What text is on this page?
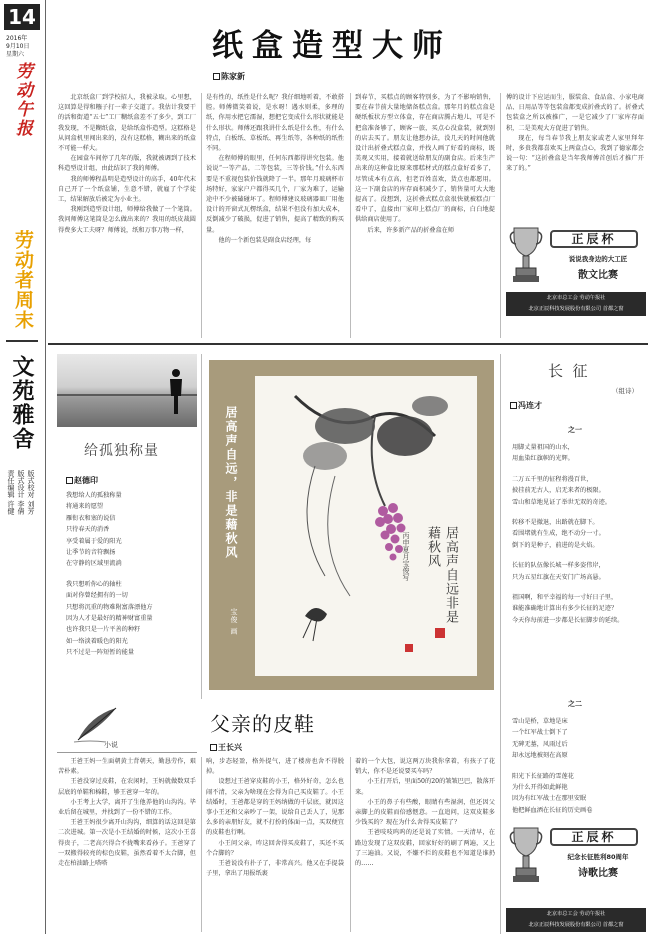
14
2016年
9月10日
星期六
劳动午报
劳动者周末
文苑雅舍
版式校对 刘芳
版式设计 李倩
责任编辑 许健
纸盒造型大师
陈家新

北京纸盒厂到学校招人，我被录取。心里想，这回算是得和糨子打一辈子交道了。我估计我要干的活和街道“五七”工厂糊纸盒差不了多少，到工厂我发现，不是糊纸盒，是给纸盒作造型。这糕格是从问盒机里闯出来的，没有这糕格，糊出来的纸盒不可能一样大。

在园盒车间停了几年的版，我就被调到了技术科造型设计组，由此结识了我的师傅。

我的师傅程晶明是造型设计的高手，40年代末自己开了一个纸盒铺，生意不错，就雇了个学徒工，结果解放后被定为小业主。

我刚到造型设计组，师傅给我做了一个笔筒。我问师傅这笔筒是怎么做出来的？我用的纸皮裁圆得费多大工夫呀？师傅说，纸和万事万物一样，

是有性的，纸性是什么呢？我仔细地听着，不敢搭腔。师傅微笑着说，是水呀！遇水则柔，多理的纸，你用水把它濡湿，想把它变成什么形状就能是什么形状。师傅还跟我讲什么纸是什么性，有什么特点，白板纸、草板纸、再生纸等，各种纸的纸性不同。

在程师傅的眼里，任何东西都得讲究包装。他说说“一等产品，二等包装，三等价钱。”什么东西要是不重视包装价钱就降了一半。那年月玻璃杯市场特好，家家户户都得买几个，厂家为难了，运输途中不少被磕碰坏了。程师傅建议玻璃器皿厂用他设计的开窗式瓦楞纸盒，结果不但没有加大成本，反倒减少了破损，促进了销售，提高了精致的购买量。

他的一个新包装是副食店经理，每

到春节，买糕点的顾客特别多，为了不影响销售，要在春节前大量地储备糕点盒。那年月的糕点盒是硬纸板状方型立体盒，存在商店腾占地儿，可是不把盒准备够了，顾客一旅，买点心没盒装，就到别的店去买了。朋友让他想办法，没几天的时间他就设计出折叠式糕点盒，并找人画了好看的商标，既美观又实用，接着就送给朋友的副食店。后来生产出来的这种盒比原来那糕材式的糕点盒好看多了，尽管成本有点高，但老百姓喜欢，货点也都愿用。这一下副食店的库存面积减少了，销售量可大大地提高了。没想到，这折叠式糕点盒很快就被糕点厂看中了，直接由厂家印上糕点厂的商标，白白地提供给商店使用了。

后来，许多新产品的折叠盒在师

傅的设计下应运而生，服装盒、食品盒、小家电商品、日用品等等包装盒都变成折叠式的了。折叠式包装盒之所以被推广，一是它减少了厂家库存面积，二是美观大方促进了销售。

现在，每当春节我上朋友家或老人家里拜年时，多贵我都喜欢买上两盒点心，我到了德家都会说一句：“这折叠盒是当年我师傅首创后才推广开来了的。”

正辰杯
说说我身边的大工匠
散文比赛
北京市总工会 劳动午报社
北京正辰科技发展股份有限公司 首都之窗
给孤独称量
赵德印
我想给人的孤独称量
将通来的愿望
雁衔衣和塞的说信
只待春天的消香
享受着属于爱的阳光
让季节的音符飘扬
在守静的区域里流淌
我只想听你心的轴柱
面对你曾经拥有的一切
只想将沉重的物难附富落漂他方
因为人才是最好的精神财富重量
也许我只是一片平善的种籽
如一络淡着暖色的阳光
只不过是一阵短暂的能量
居高声自远，非是藉秋风
宝俊 画	居高声自远非是藉秋风
丙申夏月宝俊写
长  征
（组诗）
冯连才
之一
用脚丈量祖国的山水，
用血染红旗帜的光辉。
二万五千里的征程将漫百世，
披挂前无古人，启无来者的极限。
雪山和草地见证了举世无双的奇迹。
转移不是撤退，出路就在脚下。
看围堵就有生成，绝不动分一寸。
倒下的是种子，前进的是火焰。
长征的队伍像长城一样多姿伟岸，
只为五星红旗在天安门广场高悬。
祖国啊，和平幸福的每一寸好日子里，
谁能准确地计算出有多少长征的足迹？
今天你每前进一步都是长征脚步的延续。
之二
雪山是桥，草地是床
一个红军战士倒下了
无碑无墓，风雨过后
却永远地被刻在高原
阳光下长征路的雪莲花
为什么开得如此鲜艳
因为有红军战士在那里安眠
他把鲜血洒在长征的历史画卷
父亲的皮鞋
王长兴
小说

王爸王妈一生面朝黄土背朝天，勤恳劳作，艰苦朴素。

王爸没穿过皮鞋，在农闲时，王妈就做数双手层底的单鞋和棉鞋，够王爸穿一年的。

小王考上大学，离开了生他养他的山沟沟。毕业后留在城里，并找到了一份不错的工作。

王爸王妈很少离开山沟沟，细算的话这回是第二次进城。第一次是小王结婚的时候，这次小王喜得贵子，二老高兴得合不拢嘴来看孙子。王爸穿了一双搬得较亮的棕色皮鞋，虽然看着不太合脚，但走在柏油路上嗒嗒

响，步态轻盈，格外提气，进了楼房也舍不得脱掉。

设想过王爸穿皮鞋的小王，格外好奇，怎么也闹不清，父亲为啥现在会得为自己买皮鞋了。小王结婚时，王爸都是穿的王妈纳做的千层底，就因这事小王还和父亲吵了一架，说给自己丢人了，见那么多的亲朋好友，就不打扮的体面一点，买双便宜的皮鞋也行啊。

小王问父亲，咋这回舍得买皮鞋了，买还不买个合脚的？

王爸说没有扑子了，非常高兴。他又在手提袋子里，拿出了用报纸裹

着的一个大包，说这两万块我你拿着，有孩子了花销大，你不是还说要买车吗？

小王打开后，里面50的20的皱皱巴巴，散落开来。

小王的鼻子有些酸，眼睛有些湿润，但还因父亲脚上的皮鞋而倍感惬意。一直追问，这双皮鞋多少钱买的？现在为什么舍得买皮鞋了？

王爸吱吱呜呜的还是说了实情。一天清早，在路边发现了这双皮鞋，回家好好的刷了两遍，又上了三遍油。又说，不嫌不拦的皮鞋也不知道是谁扔的……

正辰杯
纪念长征胜利80周年
诗歌比赛
北京市总工会 劳动午报社
北京正辰科技发展股份有限公司 首都之窗
